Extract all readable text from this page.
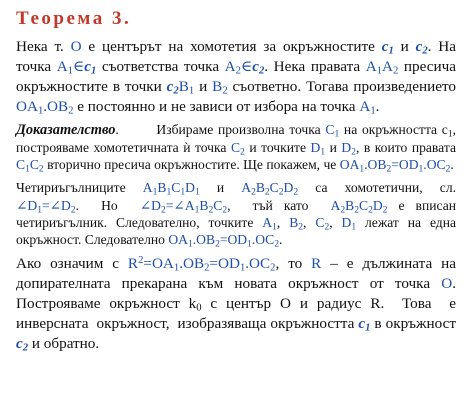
Теорема 3.

Нека т. O е центърът на хомотетия за окръжностите $c_1$ и $c_2$. На точка $A_1\in c_1$ съответства точка $A_2\in c_2$. Нека правата $A_1A_2$ пресича окръжностите в точки $c_2B_1$ и $B_2$ съответно. Тогава произведението $OA_1.OB_2$ е постоянно и не зависи от избора на точка $A_1$.

Доказателство.        Избираме произволна точка $C_1$ на окръжността $c_1$, построяваме хомотетичната ѝ точка $C_2$ и точките $D_1$ и $D_2$, в които правата $C_1C_2$ вторично пресича окръжностите. Ще покажем, че $OA_1.OB_2=OD_1.OC_2$.

Четириъгълниците $A_1B_1C_1D_1$ и $A_2B_2C_2D_2$ са хомотетични, сл. $\angle D_1=\angle D_2$.  Но  $\angle D_2=\angle A_1B_2C_2$,  тъй като  $A_2B_2C_2D_2$ е вписан четириъгълник. Следователно, точките $A_1$, $B_2$, $C_2$, $D_1$ лежат на една окръжност. Следователно $OA_1.OB_2=OD_1.OC_2$.

Ако означим с $R^2=OA_1.OB_2=OD_1.OC_2$, то R – е дължината на допирателната прекарана към новата окръжност от точка O. Построяваме окръжност $k_0$ с център O и радиус R.  Това  е  инверсната  окръжност,  изобразяваща окръжността $c_1$ в окръжност $c_2$ и обратно.
